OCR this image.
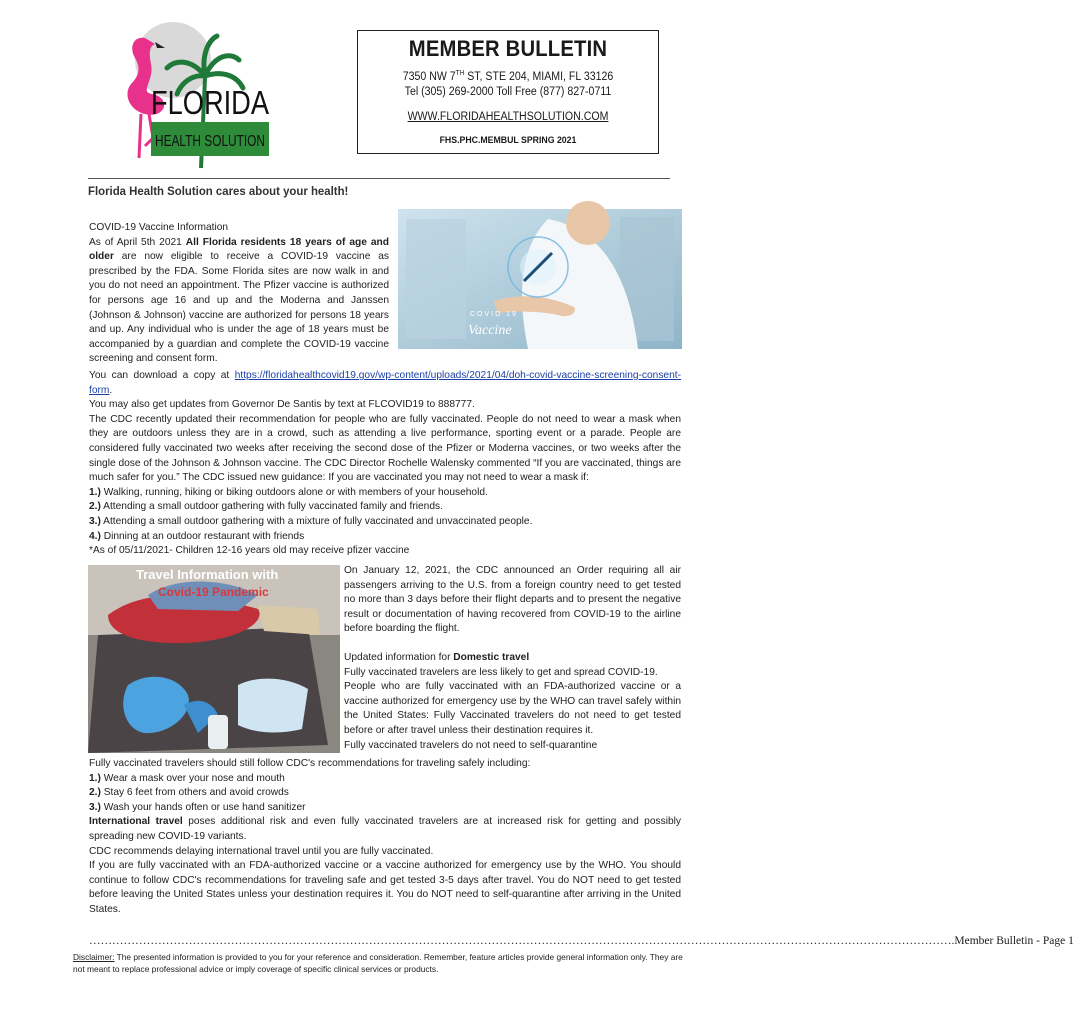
FLORIDA
HEALTH SOLUTION
MEMBER BULLETIN
7350 NW 7TH ST, STE 204, MIAMI, FL 33126
Tel (305) 269-2000 Toll Free (877) 827-0711
WWW.FLORIDAHEALTHSOLUTION.COM
FHS.PHC.MEMBUL SPRING 2021
Florida Health Solution cares about your health!
COVID-19 Vaccine Information
As of April 5th 2021 All Florida residents 18 years of age and older are now eligible to receive a COVID-19 vaccine as prescribed by the FDA. Some Florida sites are now walk in and you do not need an appointment. The Pfizer vaccine is authorized for persons age 16 and up and the Moderna and Janssen (Johnson & Johnson) vaccine are authorized for persons 18 years and up. Any individual who is under the age of 18 years must be accompanied by a guardian and complete the COVID-19 vaccine screening and consent form.
COVID 19
Vaccine
You can download a copy at https://floridahealthcovid19.gov/wp-content/uploads/2021/04/doh-covid-vaccine-screening-consent-form.
You may also get updates from Governor De Santis by text at FLCOVID19 to 888777.
The CDC recently updated their recommendation for people who are fully vaccinated. People do not need to wear a mask when they are outdoors unless they are in a crowd, such as attending a live performance, sporting event or a parade. People are considered fully vaccinated two weeks after receiving the second dose of the Pfizer or Moderna vaccines, or two weeks after the single dose of the Johnson & Johnson vaccine. The CDC Director Rochelle Walensky commented “If you are vaccinated, things are much safer for you.” The CDC issued new guidance: If you are vaccinated you may not need to wear a mask if:
1.) Walking, running, hiking or biking outdoors alone or with members of your household.
2.) Attending a small outdoor gathering with fully vaccinated family and friends.
3.) Attending a small outdoor gathering with a mixture of fully vaccinated and unvaccinated people.
4.) Dinning at an outdoor restaurant with friends
*As of 05/11/2021- Children 12-16 years old may receive pfizer vaccine
Travel Information with
Covid-19 Pandemic
On January 12, 2021, the CDC announced an Order requiring all air passengers arriving to the U.S. from a foreign country need to get tested no more than 3 days before their flight departs and to present the negative result or documentation of having recovered from COVID-19 to the airline before boarding the flight.
Updated information for Domestic travel
Fully vaccinated travelers are less likely to get and spread COVID-19.
People who are fully vaccinated with an FDA-authorized vaccine or a vaccine authorized for emergency use by the WHO can travel safely within the United States: Fully Vaccinated travelers do not need to get tested before or after travel unless their destination requires it.
Fully vaccinated travelers do not need to self-quarantine
Fully vaccinated travelers should still follow CDC's recommendations for traveling safely including:
1.) Wear a mask over your nose and mouth
2.) Stay 6 feet from others and avoid crowds
3.) Wash your hands often or use hand sanitizer
International travel poses additional risk and even fully vaccinated travelers are at increased risk for getting and possibly spreading new COVID-19 variants.
CDC recommends delaying international travel until you are fully vaccinated.
If you are fully vaccinated with an FDA-authorized vaccine or a vaccine authorized for emergency use by the WHO. You should continue to follow CDC's recommendations for traveling safe and get tested 3-5 days after travel. You do NOT need to get tested before leaving the United States unless your destination requires it. You do NOT need to self-quarantine after arriving in the United States.
……………………………………………………………………………………………………………………………………………………………………………………………………….Member Bulletin - Page 1
Disclaimer: The presented information is provided to you for your reference and consideration. Remember, feature articles provide general information only. They are not meant to replace professional advice or imply coverage of specific clinical services or products.
